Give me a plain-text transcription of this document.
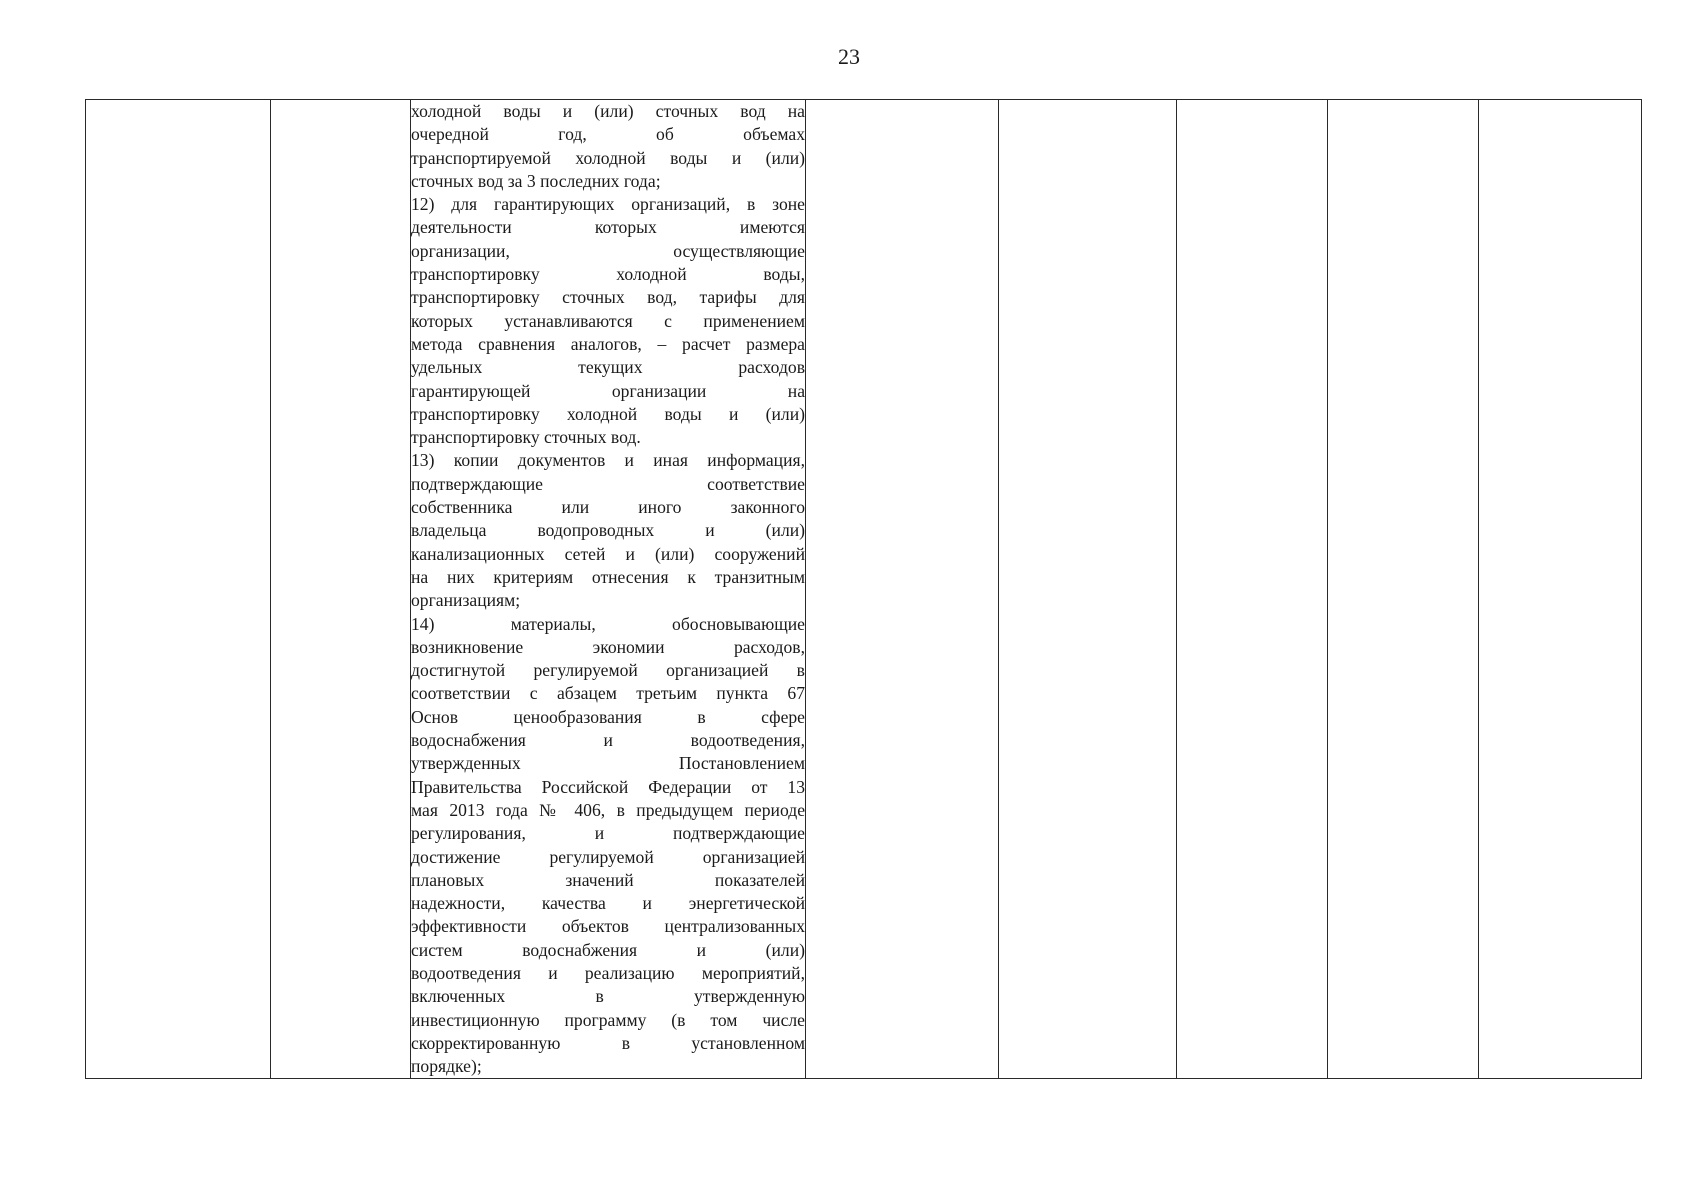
23

холодной воды и (или) сточных вод на
очередной год, об объемах
транспортируемой холодной воды и (или)
сточных вод за 3 последних года;
12) для гарантирующих организаций, в зоне
деятельности которых имеются
организации, осуществляющие
транспортировку холодной воды,
транспортировку сточных вод, тарифы для
которых устанавливаются с применением
метода сравнения аналогов, – расчет размера
удельных текущих расходов
гарантирующей организации на
транспортировку холодной воды и (или)
транспортировку сточных вод.
13) копии документов и иная информация,
подтверждающие соответствие
собственника или иного законного
владельца водопроводных и (или)
канализационных сетей и (или) сооружений
на них критериям отнесения к транзитным
организациям;
14) материалы, обосновывающие
возникновение экономии расходов,
достигнутой регулируемой организацией в
соответствии с абзацем третьим пункта 67
Основ ценообразования в сфере
водоснабжения и водоотведения,
утвержденных Постановлением
Правительства Российской Федерации от 13
мая 2013 года № 406, в предыдущем периоде
регулирования, и подтверждающие
достижение регулируемой организацией
плановых значений показателей
надежности, качества и энергетической
эффективности объектов централизованных
систем водоснабжения и (или)
водоотведения и реализацию мероприятий,
включенных в утвержденную
инвестиционную программу (в том числе
скорректированную в установленном
порядке);
